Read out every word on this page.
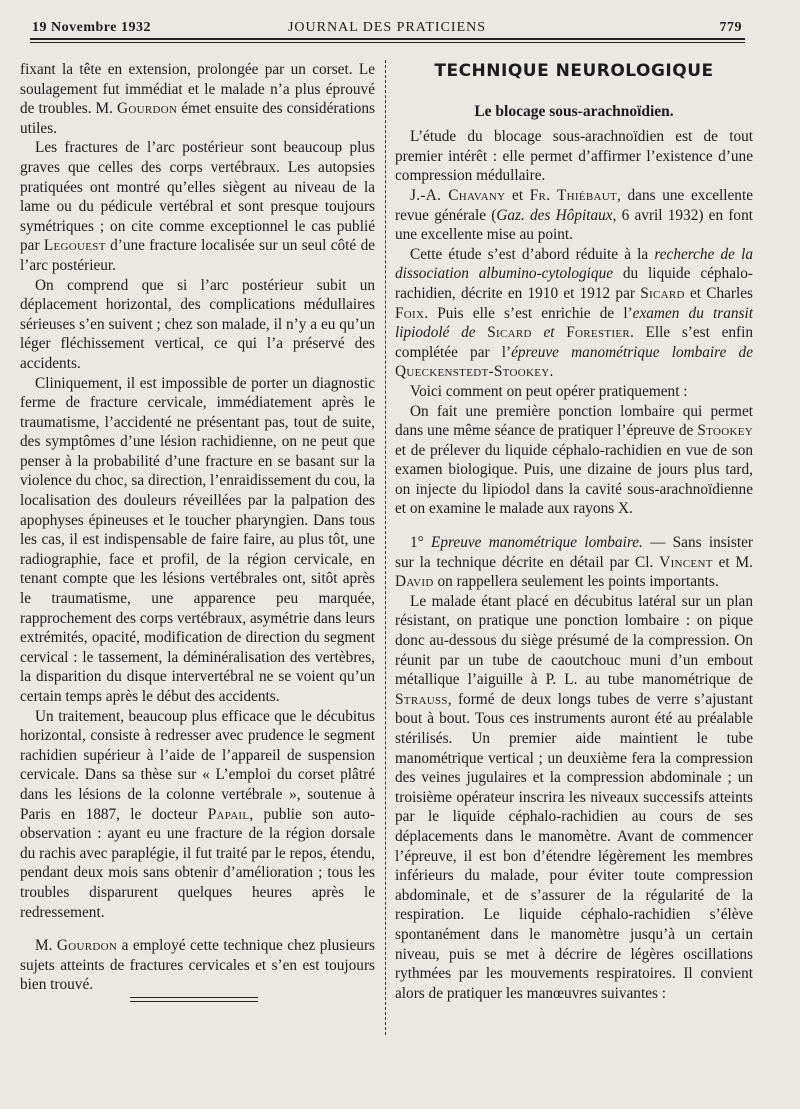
19 Novembre 1932	JOURNAL DES PRATICIENS	779

fixant la tête en extension, prolongée par un corset. Le soulagement fut immédiat et le malade n’a plus éprouvé de troubles. M. Gourdon émet ensuite des considérations utiles.

Les fractures de l’arc postérieur sont beaucoup plus graves que celles des corps vertébraux. Les autopsies pratiquées ont montré qu’elles siègent au niveau de la lame ou du pédicule vertébral et sont presque toujours symétriques ; on cite comme exceptionnel le cas publié par Legouest d’une fracture localisée sur un seul côté de l’arc postérieur.

On comprend que si l’arc postérieur subit un déplacement horizontal, des complications médullaires sérieuses s’en suivent ; chez son malade, il n’y a eu qu’un léger fléchissement vertical, ce qui l’a préservé des accidents.

Cliniquement, il est impossible de porter un diagnostic ferme de fracture cervicale, immédiatement après le traumatisme, l’accidenté ne présentant pas, tout de suite, des symptômes d’une lésion rachidienne, on ne peut que penser à la probabilité d’une fracture en se basant sur la violence du choc, sa direction, l’enraidissement du cou, la localisation des douleurs réveillées par la palpation des apophyses épineuses et le toucher pharyngien. Dans tous les cas, il est indispensable de faire faire, au plus tôt, une radiographie, face et profil, de la région cervicale, en tenant compte que les lésions vertébrales ont, sitôt après le traumatisme, une apparence peu marquée, rapprochement des corps vertébraux, asymétrie dans leurs extrémités, opacité, modification de direction du segment cervical : le tassement, la déminéralisation des vertèbres, la disparition du disque intervertébral ne se voient qu’un certain temps après le début des accidents.

Un traitement, beaucoup plus efficace que le décubitus horizontal, consiste à redresser avec prudence le segment rachidien supérieur à l’aide de l’appareil de suspension cervicale. Dans sa thèse sur « L’emploi du corset plâtré dans les lésions de la colonne vertébrale », soutenue à Paris en 1887, le docteur Papail, publie son auto-observation : ayant eu une fracture de la région dorsale du rachis avec paraplégie, il fut traité par le repos, étendu, pendant deux mois sans obtenir d’amélioration ; tous les troubles disparurent quelques heures après le redressement.

M. Gourdon a employé cette technique chez plusieurs sujets atteints de fractures cervicales et s’en est toujours bien trouvé.

TECHNIQUE NEUROLOGIQUE
Le blocage sous-arachnoïdien.

L’étude du blocage sous-arachnoïdien est de tout premier intérêt : elle permet d’affirmer l’existence d’une compression médullaire.

J.-A. Chavany et Fr. Thiébaut, dans une excellente revue générale (Gaz. des Hôpitaux, 6 avril 1932) en font une excellente mise au point.

Cette étude s’est d’abord réduite à la recherche de la dissociation albumino-cytologique du liquide céphalo-rachidien, décrite en 1910 et 1912 par Sicard et Charles Foix. Puis elle s’est enrichie de l’examen du transit lipiodolé de Sicard et Forestier. Elle s’est enfin complétée par l’épreuve manométrique lombaire de Queckenstedt-Stookey.

Voici comment on peut opérer pratiquement :

On fait une première ponction lombaire qui permet dans une même séance de pratiquer l’épreuve de Stookey et de prélever du liquide céphalo-rachidien en vue de son examen biologique. Puis, une dizaine de jours plus tard, on injecte du lipiodol dans la cavité sous-arachnoïdienne et on examine le malade aux rayons X.

1° Epreuve manométrique lombaire. — Sans insister sur la technique décrite en détail par Cl. Vincent et M. David on rappellera seulement les points importants.

Le malade étant placé en décubitus latéral sur un plan résistant, on pratique une ponction lombaire : on pique donc au-dessous du siège présumé de la compression. On réunit par un tube de caoutchouc muni d’un embout métallique l’aiguille à P. L. au tube manométrique de Strauss, formé de deux longs tubes de verre s’ajustant bout à bout. Tous ces instruments auront été au préalable stérilisés. Un premier aide maintient le tube manométrique vertical ; un deuxième fera la compression des veines jugulaires et la compression abdominale ; un troisième opérateur inscrira les niveaux successifs atteints par le liquide céphalo-rachidien au cours de ses déplacements dans le manomètre. Avant de commencer l’épreuve, il est bon d’étendre légèrement les membres inférieurs du malade, pour éviter toute compression abdominale, et de s’assurer de la régularité de la respiration. Le liquide céphalo-rachidien s’élève spontanément dans le manomètre jusqu’à un certain niveau, puis se met à décrire de légères oscillations rythmées par les mouvements respiratoires. Il convient alors de pratiquer les manœuvres suivantes :
